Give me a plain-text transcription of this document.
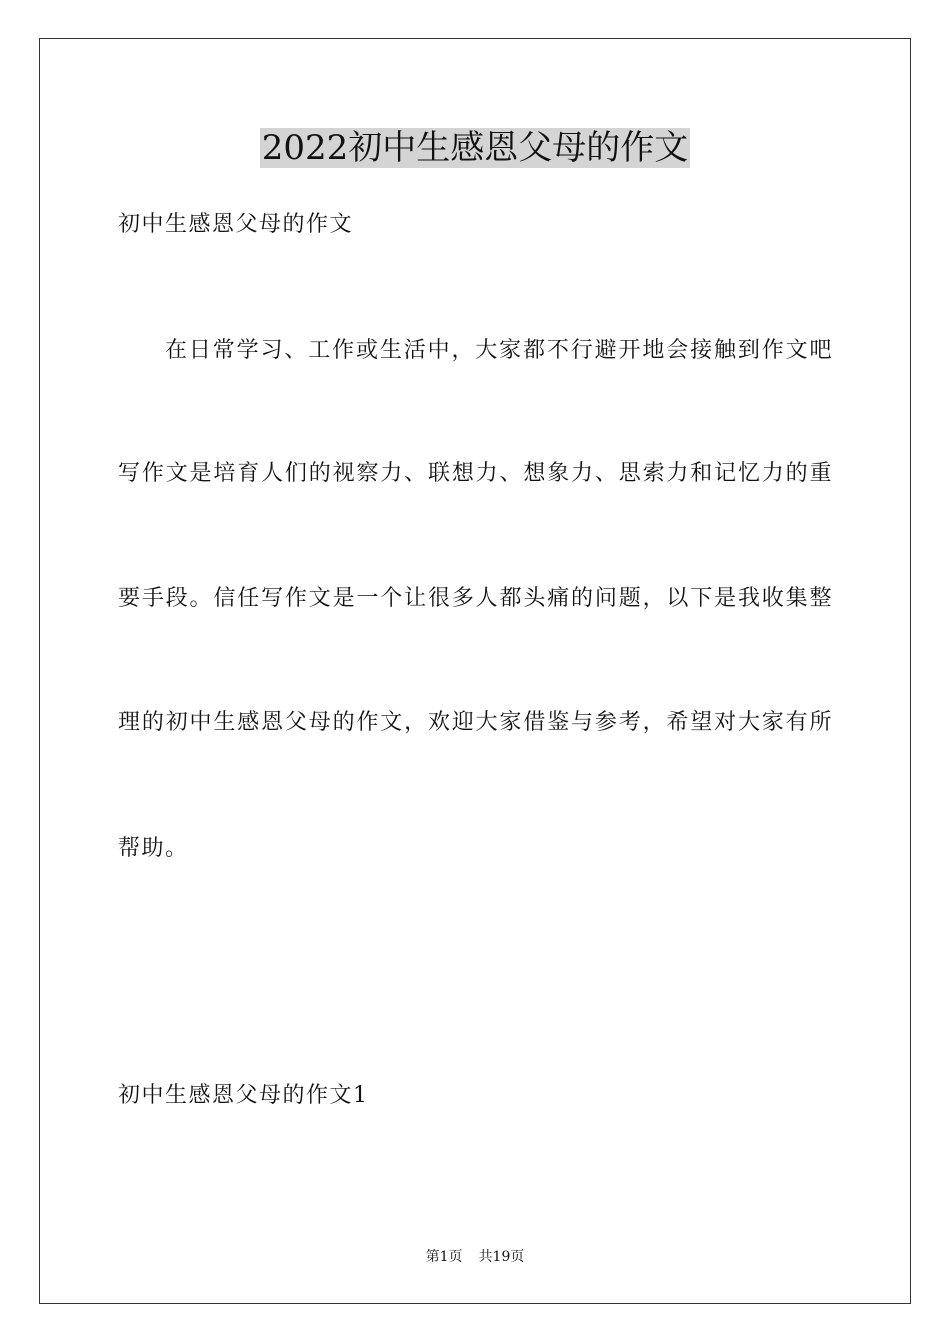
2022初中生感恩父母的作文
初中生感恩父母的作文
在日常学习、工作或生活中，大家都不行避开地会接触到作文吧
写作文是培育人们的视察力、联想力、想象力、思索力和记忆力的重
要手段。信任写作文是一个让很多人都头痛的问题，以下是我收集整
理的初中生感恩父母的作文，欢迎大家借鉴与参考，希望对大家有所
帮助。
初中生感恩父母的作文1
第1页 共19页
